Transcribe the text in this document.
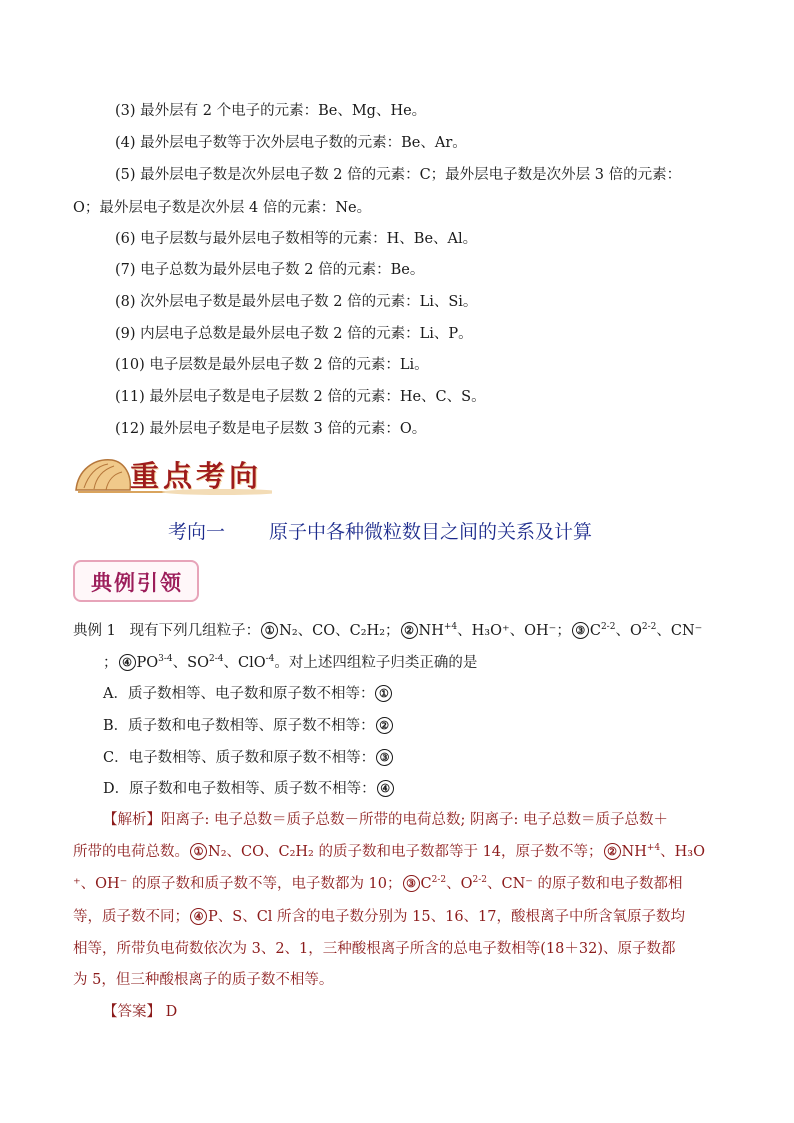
(3) 最外层有 2 个电子的元素：Be、Mg、He。
(4) 最外层电子数等于次外层电子数的元素：Be、Ar。
(5) 最外层电子数是次外层电子数 2 倍的元素：C；最外层电子数是次外层 3 倍的元素：
O；最外层电子数是次外层 4 倍的元素：Ne。
(6) 电子层数与最外层电子数相等的元素：H、Be、Al。
(7) 电子总数为最外层电子数 2 倍的元素：Be。
(8) 次外层电子数是最外层电子数 2 倍的元素：Li、Si。
(9) 内层电子总数是最外层电子数 2 倍的元素：Li、P。
(10) 电子层数是最外层电子数 2 倍的元素：Li。
(11) 最外层电子数是电子层数 2 倍的元素：He、C、S。
(12) 最外层电子数是电子层数 3 倍的元素：O。
重点考向
考向一 原子中各种微粒数目之间的关系及计算
典例引领
典例 1 现有下列几组粒子： ① N₂、CO、C₂H₂； ② $NH^{+4}$、H₃O⁺、OH⁻； ③ $C^{2-2}$、$O^{2-2}$、CN⁻
； ④ PO$^{3-4}$、SO$^{2-4}$、ClO$^{-4}$。对上述四组粒子归类正确的是
A．质子数相等、电子数和原子数不相等： ①
B．质子数和电子数相等、原子数不相等： ②
C．电子数相等、质子数和原子数不相等： ③
D．原子数和电子数相等、质子数不相等： ④
【解析】阳离子: 电子总数＝质子总数－所带的电荷总数; 阴离子: 电子总数＝质子总数＋
所带的电荷总数。 ① N₂、CO、C₂H₂ 的质子数和电子数都等于 14，原子数不等； ② $NH^{+4}$、H₃O
⁺、OH⁻ 的原子数和质子数不等，电子数都为 10； ③ $C^{2-2}$、$O^{2-2}$、CN⁻ 的原子数和电子数都相
等，质子数不同； ④ P、S、Cl 所含的电子数分别为 15、16、17，酸根离子中所含氧原子数均
相等，所带负电荷数依次为 3、2、1，三种酸根离子所含的总电子数相等(18＋32)、原子数都
为 5，但三种酸根离子的质子数不相等。
【答案】 D
